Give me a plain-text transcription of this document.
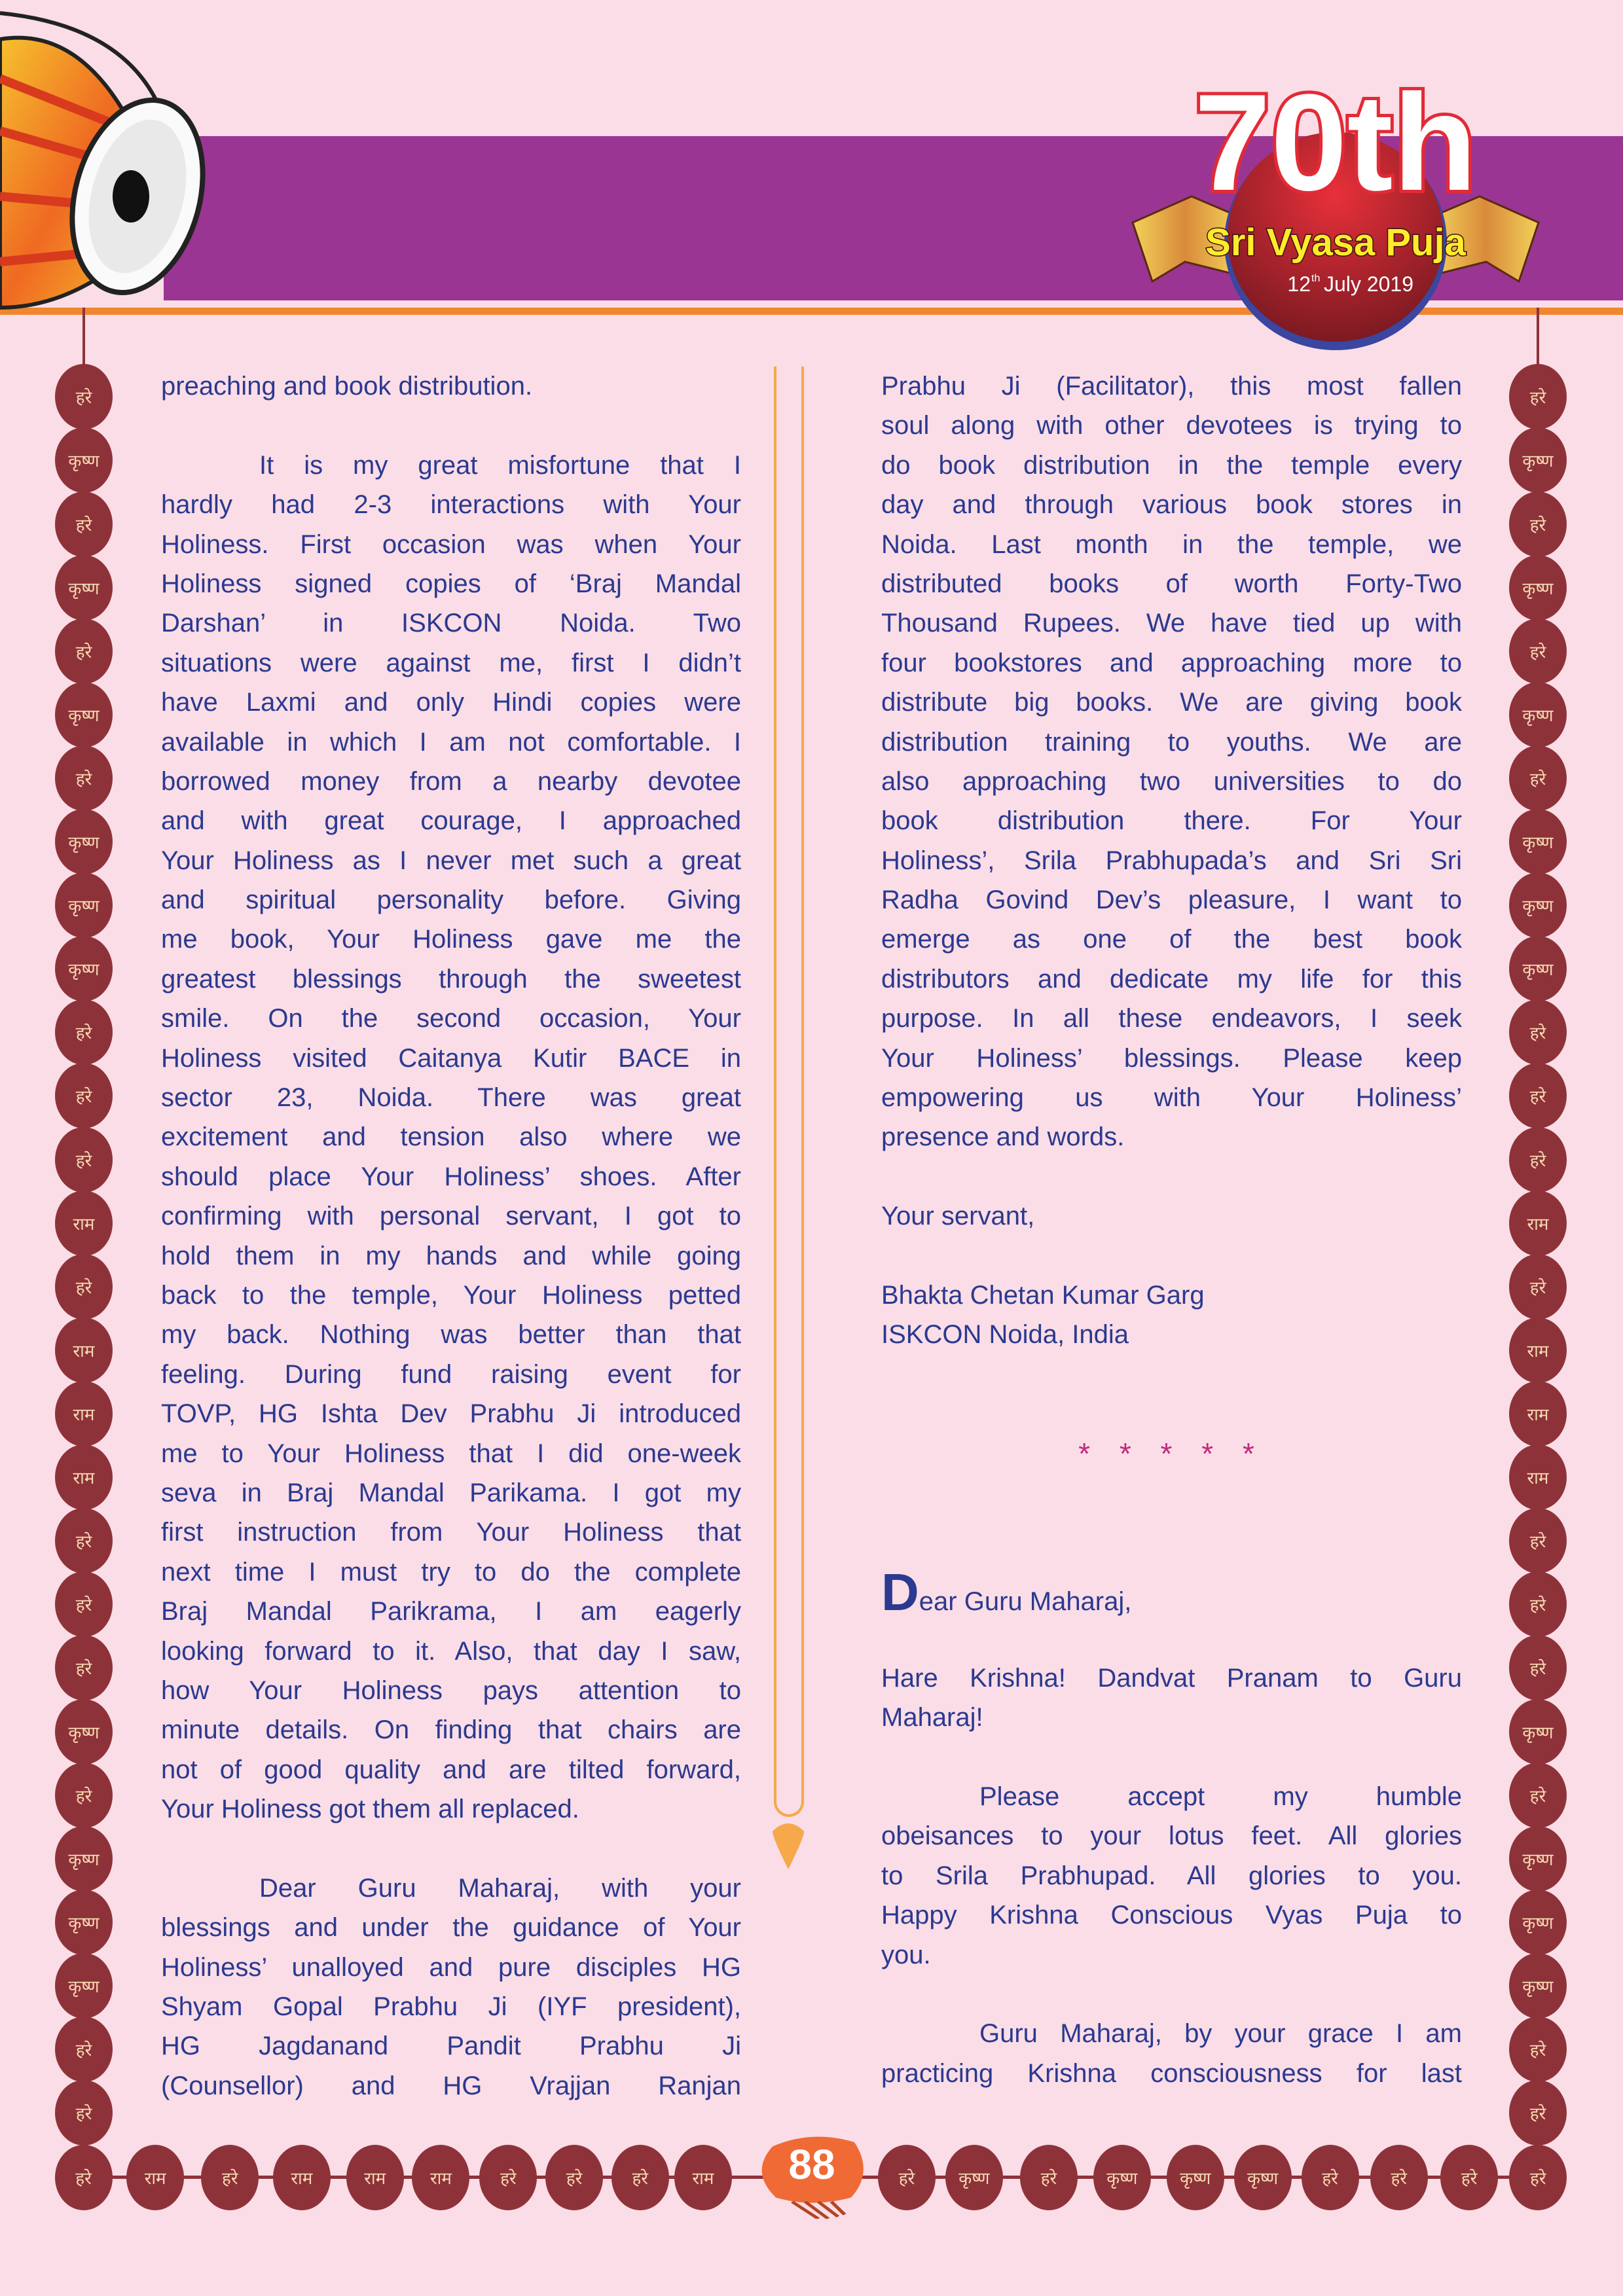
70th
Sri Vyasa Puja
12 th July 2019
हरे
कृष्ण
हरे
कृष्ण
हरे
कृष्ण
हरे
कृष्ण
कृष्ण
कृष्ण
हरे
हरे
हरे
राम
हरे
राम
राम
राम
हरे
हरे
हरे
कृष्ण
हरे
कृष्ण
कृष्ण
कृष्ण
हरे
हरे
हरे
कृष्ण
हरे
कृष्ण
हरे
कृष्ण
हरे
कृष्ण
कृष्ण
कृष्ण
हरे
हरे
हरे
राम
हरे
राम
राम
राम
हरे
हरे
हरे
कृष्ण
हरे
कृष्ण
कृष्ण
कृष्ण
हरे
हरे
हरे	राम	हरे	राम	राम	राम	हरे	हरे	हरे	राम	हरे	कृष्ण	हरे	कृष्ण	कृष्ण	कृष्ण	हरे	हरे	हरे	हरे
88
preaching and book distribution.

It is my great misfortune that I
hardly had 2-3 interactions with Your
Holiness. First occasion was when Your
Holiness signed copies of ‘Braj Mandal
Darshan’ in ISKCON Noida. Two
situations were against me, first I didn’t
have Laxmi and only Hindi copies were
available in which I am not comfortable. I
borrowed money from a nearby devotee
and with great courage, I approached
Your Holiness as I never met such a great
and spiritual personality before. Giving
me book, Your Holiness gave me the
greatest blessings through the sweetest
smile. On the second occasion, Your
Holiness visited Caitanya Kutir BACE in
sector 23, Noida. There was great
excitement and tension also where we
should place Your Holiness’ shoes. After
confirming with personal servant, I got to
hold them in my hands and while going
back to the temple, Your Holiness petted
my back. Nothing was better than that
feeling. During fund raising event for
TOVP, HG Ishta Dev Prabhu Ji introduced
me to Your Holiness that I did one-week
seva in Braj Mandal Parikama. I got my
first instruction from Your Holiness that
next time I must try to do the complete
Braj Mandal Parikrama, I am eagerly
looking forward to it. Also, that day I saw,
how Your Holiness pays attention to
minute details. On finding that chairs are
not of good quality and are tilted forward,
Your Holiness got them all replaced.

Dear Guru Maharaj, with your
blessings and under the guidance of Your
Holiness’ unalloyed and pure disciples HG
Shyam Gopal Prabhu Ji (IYF president),
HG Jagdanand Pandit Prabhu Ji
(Counsellor) and HG Vrajjan Ranjan
Prabhu Ji (Facilitator), this most fallen
soul along with other devotees is trying to
do book distribution in the temple every
day and through various book stores in
Noida. Last month in the temple, we
distributed books of worth Forty-Two
Thousand Rupees. We have tied up with
four bookstores and approaching more to
distribute big books. We are giving book
distribution training to youths. We are
also approaching two universities to do
book distribution there. For Your
Holiness’, Srila Prabhupada’s and Sri Sri
Radha Govind Dev’s pleasure, I want to
emerge as one of the best book
distributors and dedicate my life for this
purpose. In all these endeavors, I seek
Your Holiness’ blessings. Please keep
empowering us with Your Holiness’
presence and words.

Your servant,

Bhakta Chetan Kumar Garg
ISKCON Noida, India

* * * * *
Dear Guru Maharaj,

Hare Krishna! Dandvat Pranam to Guru
Maharaj!

Please accept my humble
obeisances to your lotus feet. All glories
to Srila Prabhupad. All glories to you.
Happy Krishna Conscious Vyas Puja to
you.

Guru Maharaj, by your grace I am
practicing Krishna consciousness for last
